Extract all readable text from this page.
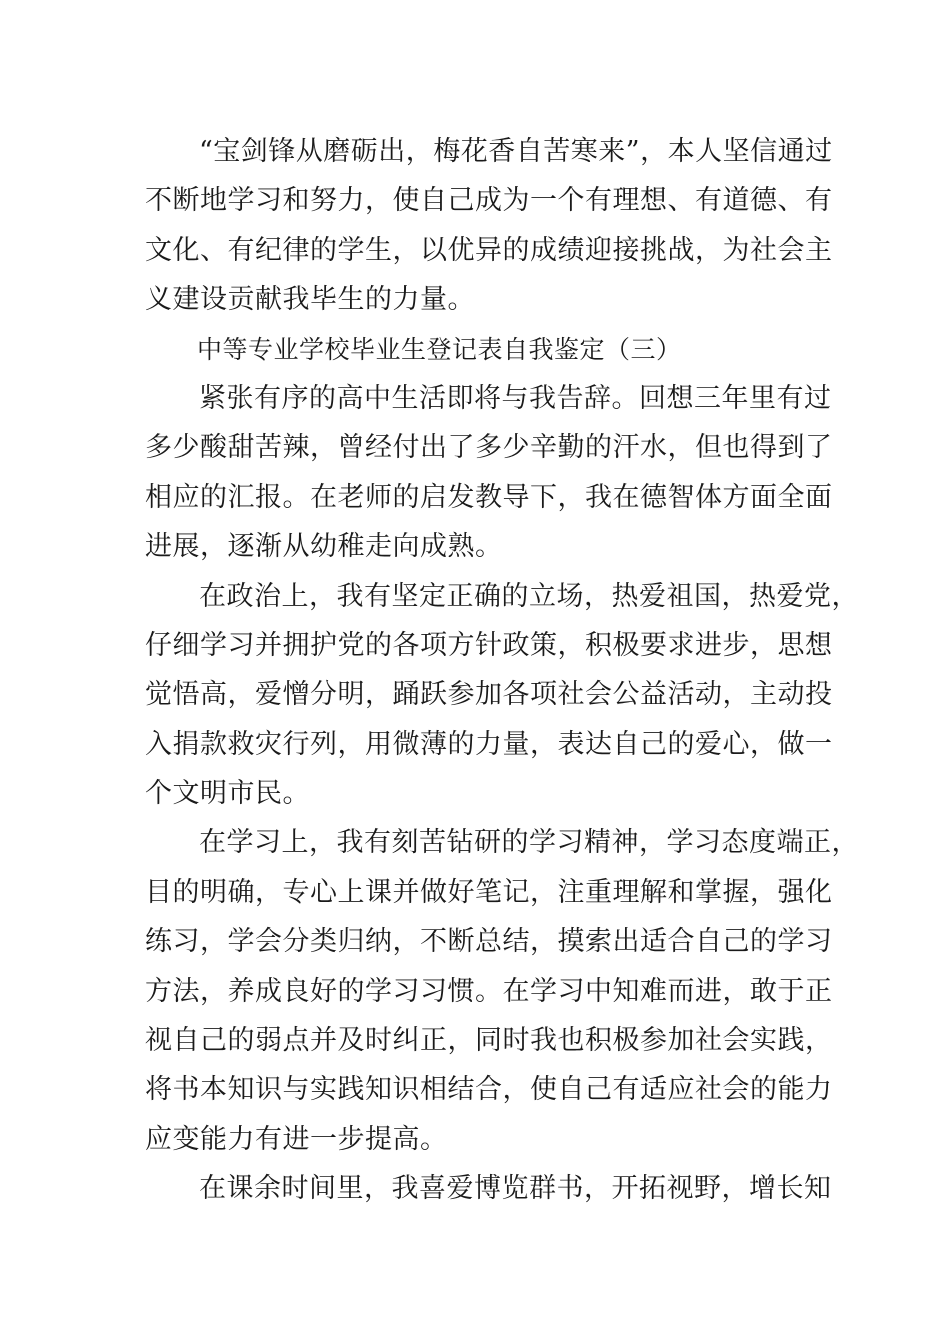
“宝剑锋从磨砺出，梅花香自苦寒来”，本人坚信通过
不断地学习和努力，使自己成为一个有理想、有道德、有
文化、有纪律的学生，以优异的成绩迎接挑战，为社会主
义建设贡献我毕生的力量。
中等专业学校毕业生登记表自我鉴定（三）
紧张有序的高中生活即将与我告辞。回想三年里有过
多少酸甜苦辣，曾经付出了多少辛勤的汗水，但也得到了
相应的汇报。在老师的启发教导下，我在德智体方面全面
进展，逐渐从幼稚走向成熟。
在政治上，我有坚定正确的立场，热爱祖国，热爱党，
仔细学习并拥护党的各项方针政策，积极要求进步，思想
觉悟高，爱憎分明，踊跃参加各项社会公益活动，主动投
入捐款救灾行列，用微薄的力量，表达自己的爱心，做一
个文明市民。
在学习上，我有刻苦钻研的学习精神，学习态度端正，
目的明确，专心上课并做好笔记，注重理解和掌握，强化
练习，学会分类归纳，不断总结，摸索出适合自己的学习
方法，养成良好的学习习惯。在学习中知难而进，敢于正
视自己的弱点并及时纠正，同时我也积极参加社会实践，
将书本知识与实践知识相结合，使自己有适应社会的能力
应变能力有进一步提高。
在课余时间里，我喜爱博览群书，开拓视野，增长知
